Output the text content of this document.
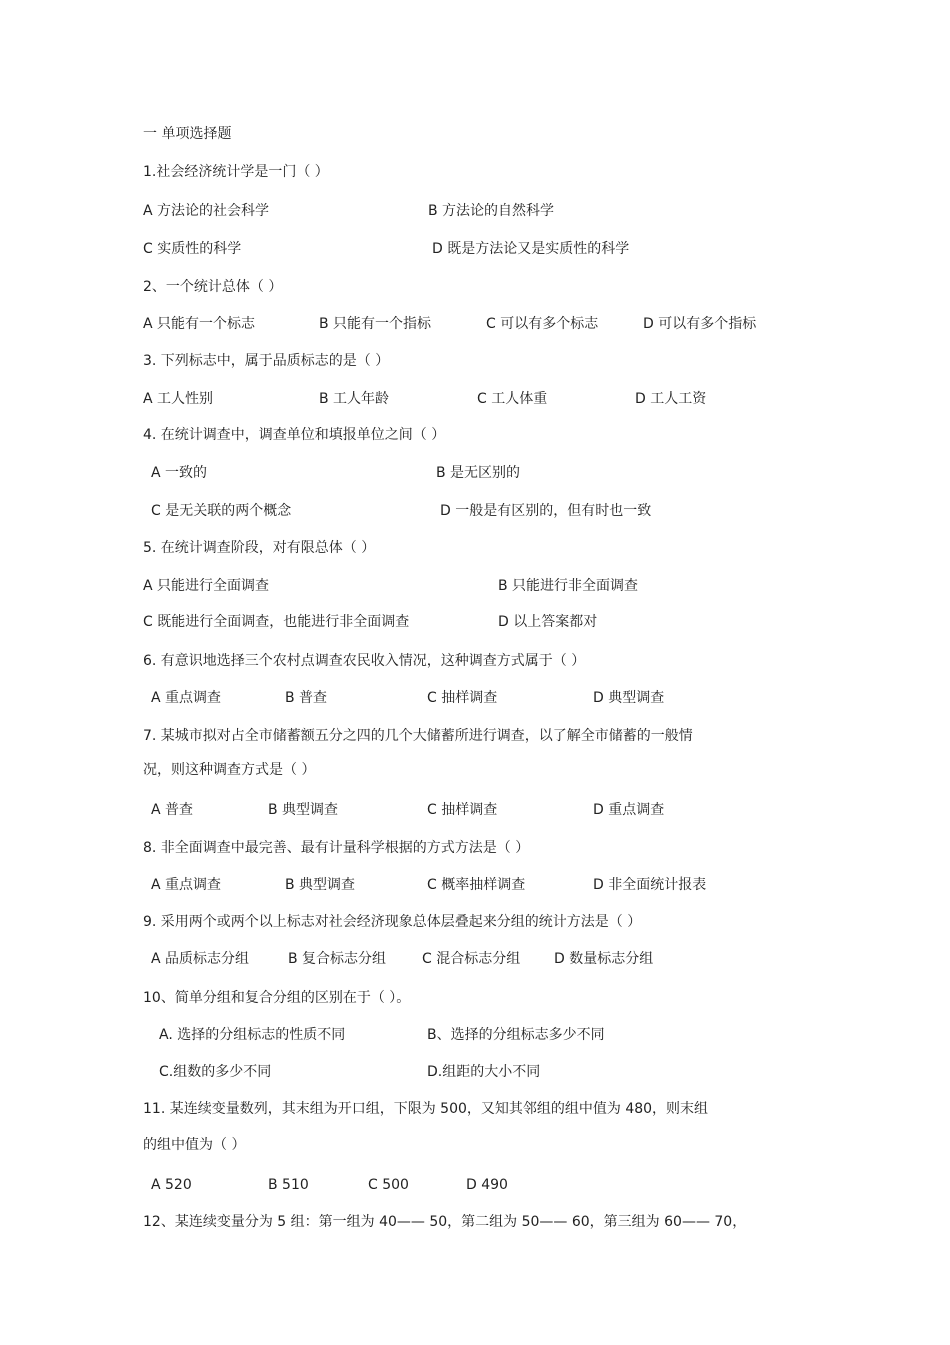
一 单项选择题
1.社会经济统计学是一门（ ）
A 方法论的社会科学	B 方法论的自然科学
C 实质性的科学	D 既是方法论又是实质性的科学
2、一个统计总体（ ）
A 只能有一个标志	B 只能有一个指标	C 可以有多个标志	D 可以有多个指标
3. 下列标志中，属于品质标志的是（ ）
A 工人性别	B 工人年龄	C 工人体重	D 工人工资
4. 在统计调查中，调查单位和填报单位之间（ ）
A 一致的	B 是无区别的
C 是无关联的两个概念	D 一般是有区别的，但有时也一致
5. 在统计调查阶段，对有限总体（ ）
A 只能进行全面调查	B 只能进行非全面调查
C 既能进行全面调查，也能进行非全面调查	D 以上答案都对
6. 有意识地选择三个农村点调查农民收入情况，这种调查方式属于（ ）
A 重点调查	B 普查	C 抽样调查	D 典型调查
7. 某城市拟对占全市储蓄额五分之四的几个大储蓄所进行调查，以了解全市储蓄的一般情
况，则这种调查方式是（ ）
A 普查	B 典型调查	C 抽样调查	D 重点调查
8. 非全面调查中最完善、最有计量科学根据的方式方法是（ ）
A 重点调查	B 典型调查	C 概率抽样调查	D 非全面统计报表
9. 采用两个或两个以上标志对社会经济现象总体层叠起来分组的统计方法是（ ）
A 品质标志分组	B 复合标志分组	C 混合标志分组 D 数量标志分组
10、简单分组和复合分组的区别在于（ ）。
A. 选择的分组标志的性质不同	B、选择的分组标志多少不同
C.组数的多少不同	D.组距的大小不同
11. 某连续变量数列，其末组为开口组，下限为 500，又知其邻组的组中值为 480，则末组
的组中值为（ ）
A 520	B 510	C 500	D 490
12、某连续变量分为 5 组：第一组为 40—— 50，第二组为 50—— 60，第三组为 60—— 70，
